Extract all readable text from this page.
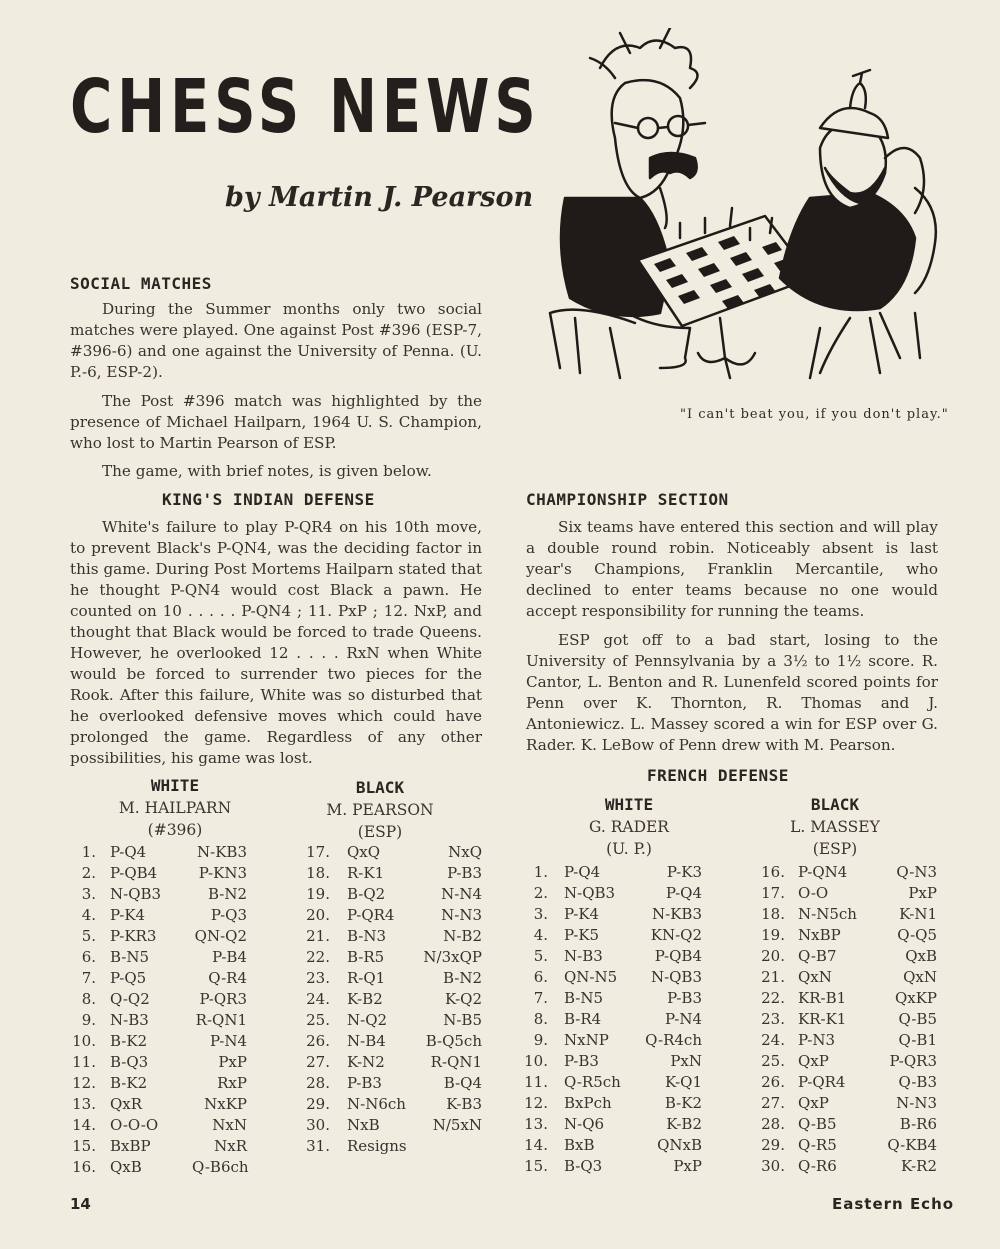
CHESS NEWS
by Martin J. Pearson
"I can't beat you, if you don't play."
SOCIAL MATCHES

During the Summer months only two social matches were played. One against Post #396 (ESP-7, #396-6) and one against the University of Penna. (U. P.-6, ESP-2).

The Post #396 match was highlighted by the presence of Michael Hailparn, 1964 U. S. Champion, who lost to Martin Pearson of ESP.

The game, with brief notes, is given below.

KING'S INDIAN DEFENSE

White's failure to play P-QR4 on his 10th move, to prevent Black's P-QN4, was the deciding factor in this game. During Post Mortems Hailparn stated that he thought P-QN4 would cost Black a pawn. He counted on 10 . . . . . P-QN4 ; 11. PxP ; 12. NxP, and thought that Black would be forced to trade Queens. However, he overlooked 12 . . . . RxN when White would be forced to surrender two pieces for the Rook. After this failure, White was so disturbed that he overlooked defensive moves which could have prolonged the game. Regardless of any other possibilities, his game was lost.

WHITE
M. HAILPARN
(#396)
BLACK
M. PEARSON
(ESP)
1. P-Q4	N-KB3
2. P-QB4	P-KN3
3. N-QB3	B-N2
4. P-K4	P-Q3
5. P-KR3	QN-Q2
6. B-N5	P-B4
7. P-Q5	Q-R4
8. Q-Q2	P-QR3
9. N-B3	R-QN1
10. B-K2	P-N4
11. B-Q3	PxP
12. B-K2	RxP
13. QxR	NxKP
14. O-O-O	NxN
15. BxBP	NxR
16. QxB	Q-B6ch
17. QxQ	NxQ
18. R-K1	P-B3
19. B-Q2	N-N4
20. P-QR4	N-N3
21. B-N3	N-B2
22. B-R5	N/3xQP
23. R-Q1	B-N2
24. K-B2	K-Q2
25. N-Q2	N-B5
26. N-B4	B-Q5ch
27. K-N2	R-QN1
28. P-B3	B-Q4
29. N-N6ch	K-B3
30. NxB	N/5xN
31. Resigns
CHAMPIONSHIP SECTION

Six teams have entered this section and will play a double round robin. Noticeably absent is last year's Champions, Franklin Mercantile, who declined to enter teams because no one would accept responsibility for running the teams.

ESP got off to a bad start, losing to the University of Pennsylvania by a 3½ to 1½ score. R. Cantor, L. Benton and R. Lunenfeld scored points for Penn over K. Thornton, R. Thomas and J. Antoniewicz. L. Massey scored a win for ESP over G. Rader. K. LeBow of Penn drew with M. Pearson.

FRENCH DEFENSE
WHITE
G. RADER
(U. P.)
BLACK
L. MASSEY
(ESP)
1. P-Q4	P-K3
2. N-QB3	P-Q4
3. P-K4	N-KB3
4. P-K5	KN-Q2
5. N-B3	P-QB4
6. QN-N5	N-QB3
7. B-N5	P-B3
8. B-R4	P-N4
9. NxNP	Q-R4ch
10. P-B3	PxN
11. Q-R5ch	K-Q1
12. BxPch	B-K2
13. N-Q6	K-B2
14. BxB	QNxB
15. B-Q3	PxP
16. P-QN4	Q-N3
17. O-O	PxP
18. N-N5ch	K-N1
19. NxBP	Q-Q5
20. Q-B7	QxB
21. QxN	QxN
22. KR-B1	QxKP
23. KR-K1	Q-B5
24. P-N3	Q-B1
25. QxP	P-QR3
26. P-QR4	Q-B3
27. QxP	N-N3
28. Q-B5	B-R6
29. Q-R5	Q-KB4
30. Q-R6	K-R2
14	Eastern Echo
